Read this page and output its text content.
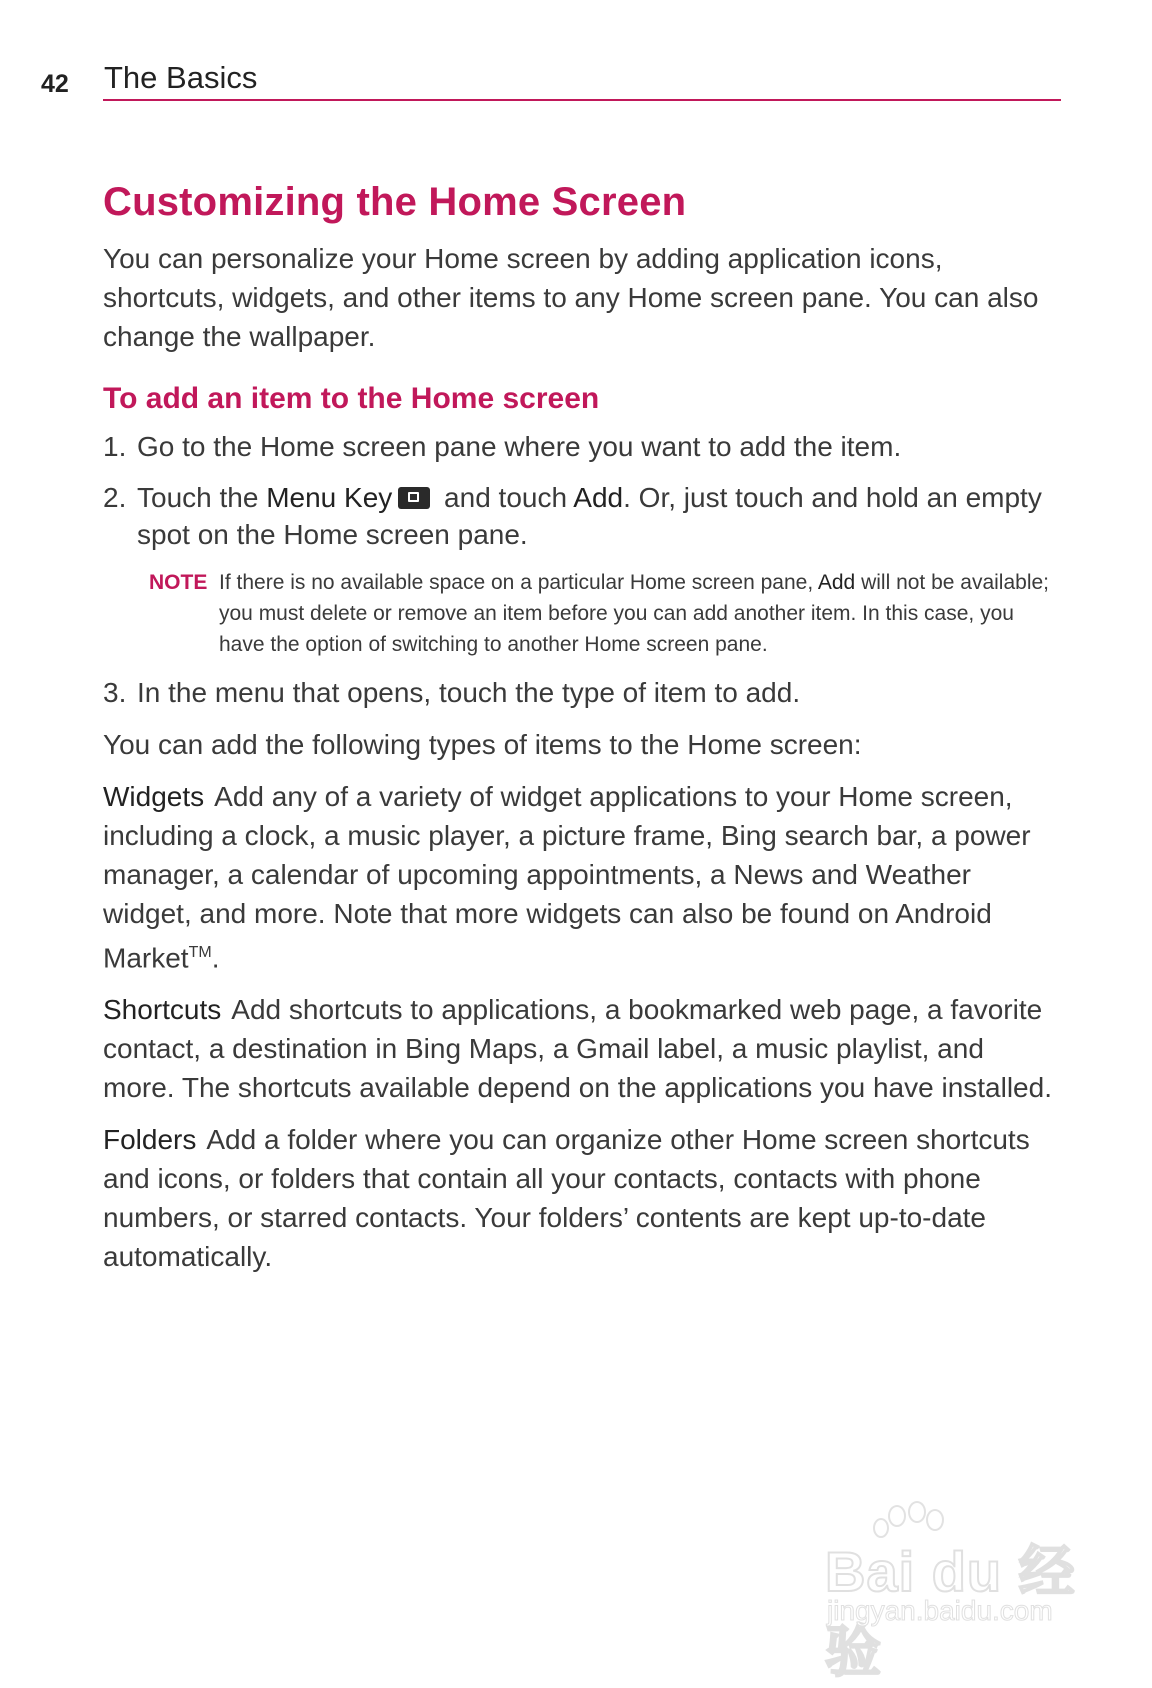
42 The Basics
Customizing the Home Screen

You can personalize your Home screen by adding application icons, shortcuts, widgets, and other items to any Home screen pane. You can also change the wallpaper.

To add an item to the Home screen
1. Go to the Home screen pane where you want to add the item.
2. Touch the Menu Key and touch Add. Or, just touch and hold an empty spot on the Home screen pane.
NOTE If there is no available space on a particular Home screen pane, Add will not be available; you must delete or remove an item before you can add another item. In this case, you have the option of switching to another Home screen pane.
3. In the menu that opens, touch the type of item to add.

You can add the following types of items to the Home screen:

Widgets Add any of a variety of widget applications to your Home screen, including a clock, a music player, a picture frame, Bing search bar, a power manager, a calendar of upcoming appointments, a News and Weather widget, and more. Note that more widgets can also be found on Android Market™.

Shortcuts Add shortcuts to applications, a bookmarked web page, a favorite contact, a destination in Bing Maps, a Gmail label, a music playlist, and more. The shortcuts available depend on the applications you have installed.

Folders Add a folder where you can organize other Home screen shortcuts and icons, or folders that contain all your contacts, contacts with phone numbers, or starred contacts. Your folders’ contents are kept up-to-date automatically.

Bai du 经验
jingyan.baidu.com
